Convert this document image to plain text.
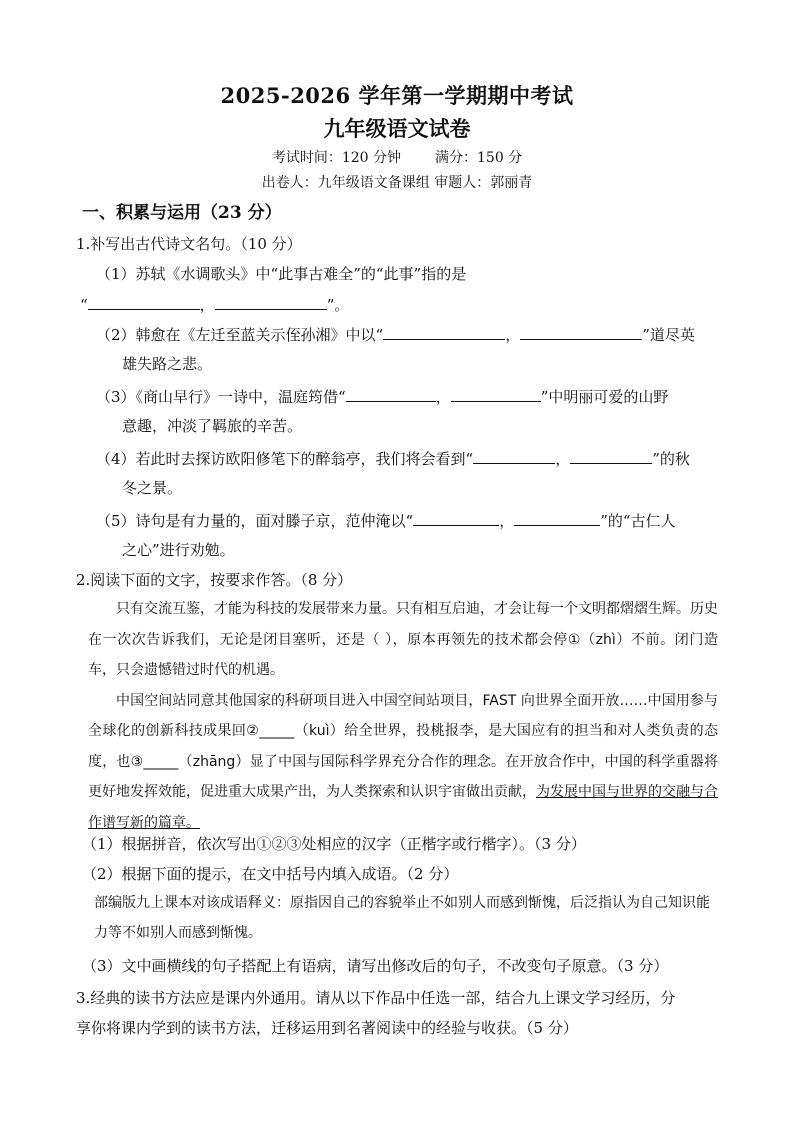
2025-2026 学年第一学期期中考试
九年级语文试卷
考试时间：120 分钟 满分：150 分
出卷人：九年级语文备课组 审题人：郭丽青
一、积累与运用（23 分）
1.补写出古代诗文名句。（10 分）
（1）苏轼《水调歌头》中“此事古难全”的“此事”指的是
“	，	”。
（2）韩愈在《左迁至蓝关示侄孙湘》中以“	，	”道尽英
雄失路之悲。
（3）《商山早行》一诗中，温庭筠借“	，	”中明丽可爱的山野
意趣，冲淡了羁旅的辛苦。
（4）若此时去探访欧阳修笔下的醉翁亭，我们将会看到“	，	”的秋
冬之景。
（5）诗句是有力量的，面对滕子京，范仲淹以“	，	”的“古仁人
之心”进行劝勉。
2.阅读下面的文字，按要求作答。（8 分）

只有交流互鉴，才能为科技的发展带来力量。只有相互启迪，才会让每一个文明都熠熠生辉。历史在一次次告诉我们，无论是闭目塞听，还是（ ），原本再领先的技术都会停①（zhì）不前。闭门造车，只会遗憾错过时代的机遇。

中国空间站同意其他国家的科研项目进入中国空间站项目，FAST 向世界全面开放……中国用参与全球化的创新科技成果回②_____（kuì）给全世界，投桃报李，是大国应有的担当和对人类负责的态度，也③_____（zhāng）显了中国与国际科学界充分合作的理念。在开放合作中，中国的科学重器将更好地发挥效能，促进重大成果产出，为人类探索和认识宇宙做出贡献，为发展中国与世界的交融与合作谱写新的篇章。

（1）根据拼音，依次写出①②③处相应的汉字（正楷字或行楷字）。（3 分）
（2）根据下面的提示，在文中括号内填入成语。（2 分）

部编版九上课本对该成语释义：原指因自己的容貌举止不如别人而感到惭愧，后泛指认为自己知识能力等不如别人而感到惭愧。

（3）文中画横线的句子搭配上有语病，请写出修改后的句子，不改变句子原意。（3 分）
3.经典的读书方法应是课内外通用。请从以下作品中任选一部，结合九上课文学习经历，分
享你将课内学到的读书方法，迁移运用到名著阅读中的经验与收获。（5 分）
